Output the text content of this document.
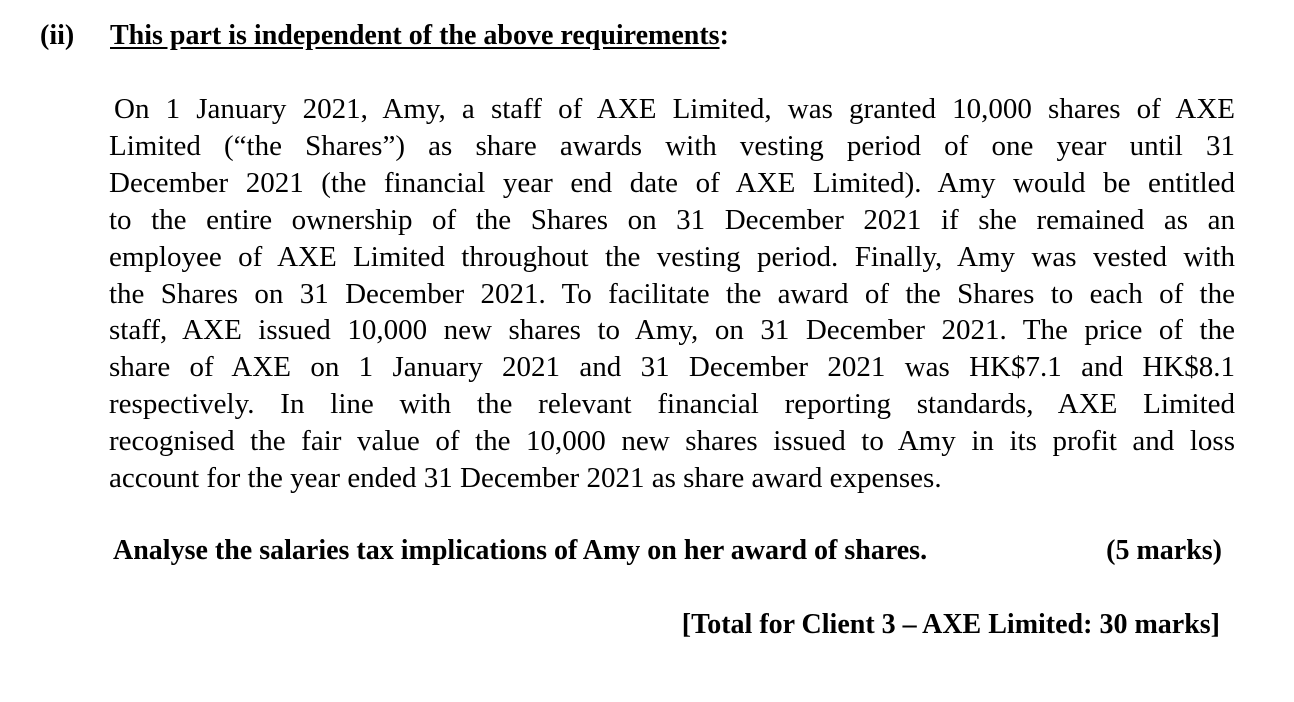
(ii) This part is independent of the above requirements:
On 1 January 2021, Amy, a staff of AXE Limited, was granted 10,000 shares of AXE
Limited (“the Shares”) as share awards with vesting period of one year until 31
December 2021 (the financial year end date of AXE Limited). Amy would be entitled
to the entire ownership of the Shares on 31 December 2021 if she remained as an
employee of AXE Limited throughout the vesting period. Finally, Amy was vested with
the Shares on 31 December 2021. To facilitate the award of the Shares to each of the
staff, AXE issued 10,000 new shares to Amy, on 31 December 2021. The price of the
share of AXE on 1 January 2021 and 31 December 2021 was HK$7.1 and HK$8.1
respectively. In line with the relevant financial reporting standards, AXE Limited
recognised the fair value of the 10,000 new shares issued to Amy in its profit and loss
account for the year ended 31 December 2021 as share award expenses.
Analyse the salaries tax implications of Amy on her award of shares.	(5 marks)
[Total for Client 3 – AXE Limited: 30 marks]
